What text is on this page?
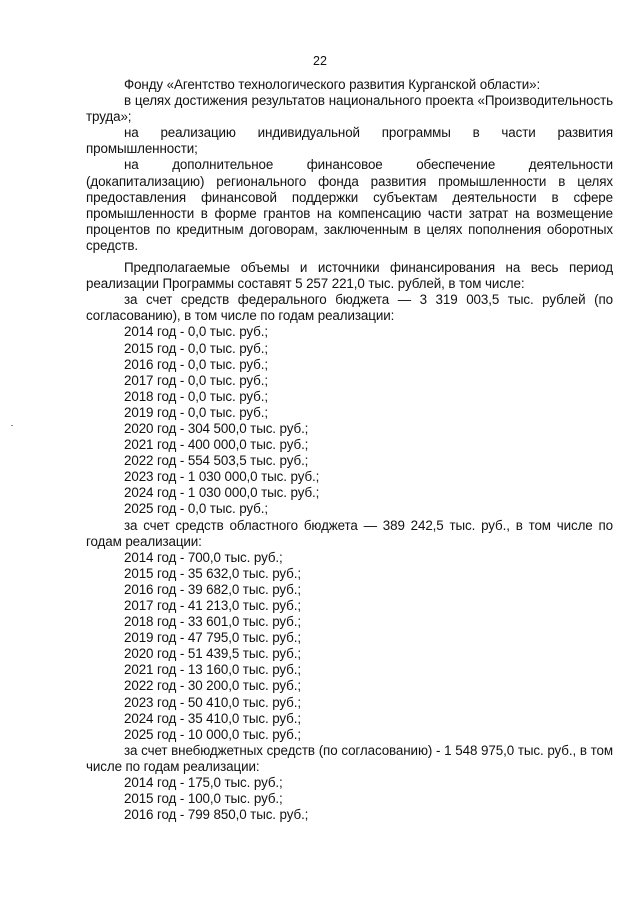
22

Фонду «Агентство технологического развития Курганской области»:

в целях достижения результатов национального проекта «Производительность труда»;

на реализацию индивидуальной программы в части развития промышленности;

на дополнительное финансовое обеспечение деятельности (докапитализацию) регионального фонда развития промышленности в целях предоставления финансовой поддержки субъектам деятельности в сфере промышленности в форме грантов на компенсацию части затрат на возмещение процентов по кредитным договорам, заключенным в целях пополнения оборотных средств.

Предполагаемые объемы и источники финансирования на весь период реализации Программы составят 5 257 221,0 тыс. рублей, в том числе:

за счет средств федерального бюджета — 3 319 003,5 тыс. рублей (по согласованию), в том числе по годам реализации:

2014 год - 0,0 тыс. руб.;

2015 год - 0,0 тыс. руб.;

2016 год - 0,0 тыс. руб.;

2017 год - 0,0 тыс. руб.;

2018 год - 0,0 тыс. руб.;

2019 год - 0,0 тыс. руб.;

2020 год - 304 500,0 тыс. руб.;

2021 год - 400 000,0 тыс. руб.;

2022 год - 554 503,5 тыс. руб.;

2023 год - 1 030 000,0 тыс. руб.;

2024 год - 1 030 000,0 тыс. руб.;

2025 год - 0,0 тыс. руб.;

за счет средств областного бюджета — 389 242,5 тыс. руб., в том числе по годам реализации:

2014 год - 700,0 тыс. руб.;

2015 год - 35 632,0 тыс. руб.;

2016 год - 39 682,0 тыс. руб.;

2017 год - 41 213,0 тыс. руб.;

2018 год - 33 601,0 тыс. руб.;

2019 год - 47 795,0 тыс. руб.;

2020 год - 51 439,5 тыс. руб.;

2021 год - 13 160,0 тыс. руб.;

2022 год - 30 200,0 тыс. руб.;

2023 год - 50 410,0 тыс. руб.;

2024 год - 35 410,0 тыс. руб.;

2025 год - 10 000,0 тыс. руб.;

за счет внебюджетных средств (по согласованию) - 1 548 975,0 тыс. руб., в том числе по годам реализации:

2014 год - 175,0 тыс. руб.;

2015 год - 100,0 тыс. руб.;

2016 год - 799 850,0 тыс. руб.;
